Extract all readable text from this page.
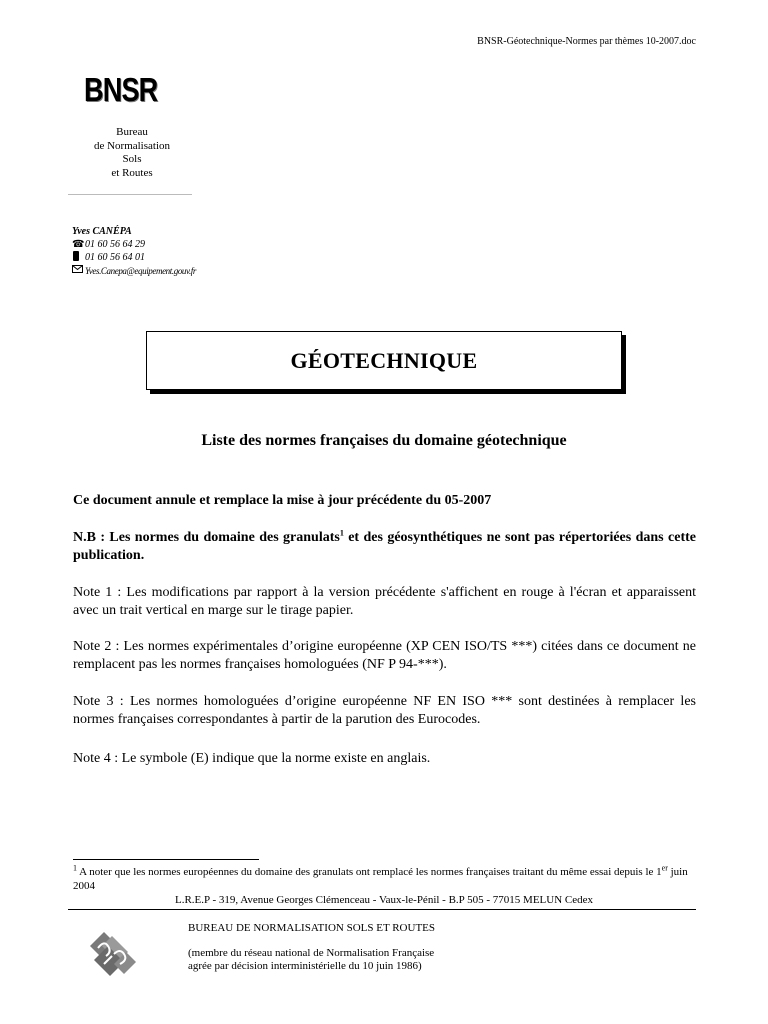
BNSR-Géotechnique-Normes par thèmes 10-2007.doc
BNSR
Bureau
de Normalisation
Sols
et Routes
Yves CANÉPA
☎ 01 60 56 64 29
01 60 56 64 01
Yves.Canepa@equipement.gouv.fr
GÉOTECHNIQUE
Liste des normes françaises du domaine géotechnique
Ce document annule et remplace la mise à jour précédente du 05-2007
N.B : Les normes du domaine des granulats$^1$ et des géosynthétiques ne sont pas répertoriées dans cette publication.
Note 1 : Les modifications par rapport à la version précédente s'affichent en rouge à l'écran et apparaissent avec un trait vertical en marge sur le tirage papier.
Note 2 : Les normes expérimentales d’origine européenne (XP CEN ISO/TS ***) citées dans ce document ne remplacent pas les normes françaises homologuées (NF P 94-***).
Note 3 : Les normes homologuées d’origine européenne NF EN ISO *** sont destinées à remplacer les normes françaises correspondantes à partir de la parution des Eurocodes.
Note 4 : Le symbole (E) indique que la norme existe en anglais.
$^1$ A noter que les normes européennes du domaine des granulats ont remplacé les normes françaises traitant du même essai depuis le 1er juin 2004
L.R.E.P - 319, Avenue Georges Clémenceau - Vaux-le-Pénil - B.P 505 - 77015 MELUN Cedex
BUREAU DE NORMALISATION SOLS ET ROUTES
(membre du réseau national de Normalisation Française
agrée par décision interministérielle du 10 juin 1986)
